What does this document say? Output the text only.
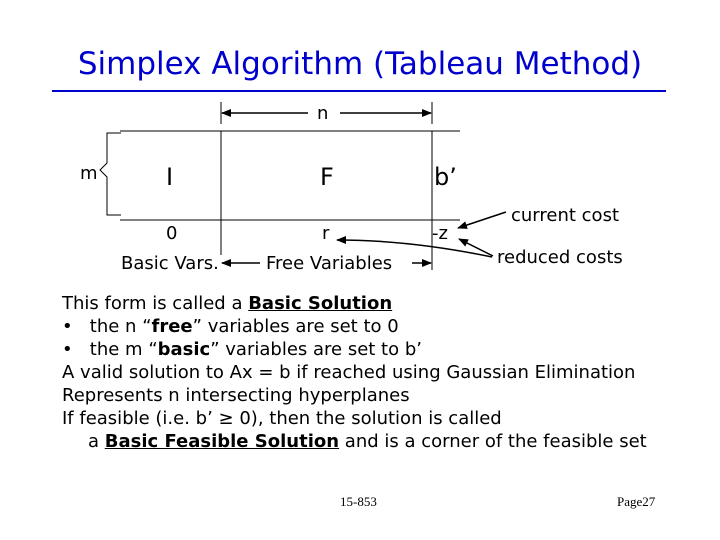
Simplex Algorithm (Tableau Method)
n
m	I	F	b’
0	r	-z
Basic Vars.	Free Variables
current cost
reduced costs
This form is called a Basic Solution
• the n “free” variables are set to 0
• the m “basic” variables are set to b’
A valid solution to Ax = b if reached using Gaussian Elimination
Represents n intersecting hyperplanes
If feasible (i.e. b’ ≥ 0), then the solution is called
a Basic Feasible Solution and is a corner of the feasible set
15-853	Page27
